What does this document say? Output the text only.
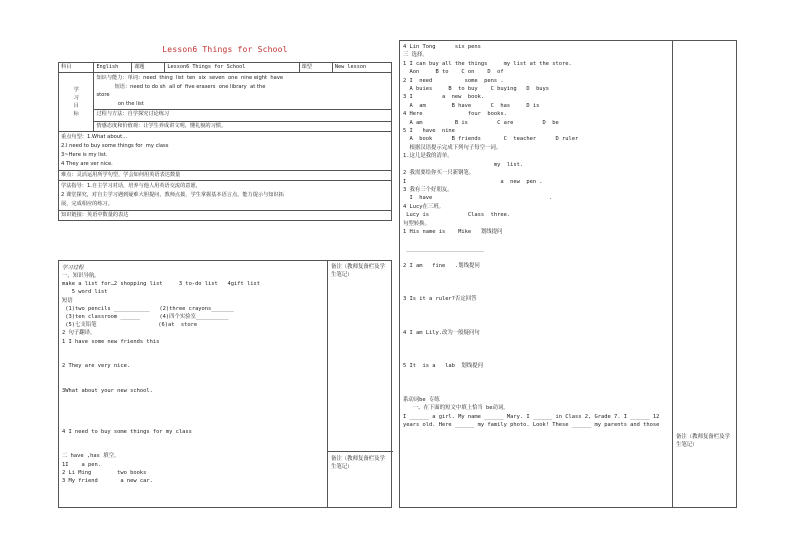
Lesson6 Things for School
科目	English	课题	Lesson6 Things for School	课型	New lesson
学
习
目
标	知识与能力：单词：need  thing  list  ten  six  seven  one  nine eight  have
短语：need to do sh  all of  five erasers  one library  at the
store
on the list				
	过程与方法：自学探究讨论练习				
	情感态度和价值观：让学生养成讲文明，懂礼貌的习惯。				
重点句型：1.What about…
2.I need to buy some things for  my class
3~Here is my list.
4 They are ver nice.					
难点：灵活运用所学句型，学会如何用英语表达数量					
学法指导：1.自主学习对话，培养与他人用英语交流的意愿，
2 课堂探究，对自主学习遇到疑难大胆提问，教师点拨，学生掌握基本语言点。能力提示与知识拓
展，完成相应的练习。					
知识链接：英语中数量的表达					
备注（教师复备栏及学生笔记）
备注（教师复备栏及学生笔记）
学习过程
一，知识导航。
make a list for…2 shopping list     3 to-do list   4gift list
5 word list
短语
(1)two pencils ___________   (2)three crayons_______
(3)ten classroom ______      (4)四个实验室__________
(5)七支铅笔                   (6)at  store
2 句子翻译。
1 I have some new friends this

2 They are very nice.

3What about your new school.

4 I need to buy some things for my class

二 have ,has 填空。
1I    a pen.
2 Li Ming        two books
3 My friend       a new car.
备注（教师复备栏及学生笔记）
4 Lin Tong      six pens
三 选择。
1 I can buy all the things     my list at the store.
Aon     B to    C on    D  of
2 I  need          some  pens .
A buies     B  to buy    C buying   D  buys
3 I         a  new  book.
A  am        B have      C  has     D is
4 Here              four  books.
A am          B is         C are         D  be
5 I   have  nine
A  book      B friends       C  teacher      D ruler
根据汉语提示完成下列句子每空一词。
1.这儿是我的清单。
my  list.
2 我需要给你买一只新钢笔。
I                             a  new  pen .
3 我有三个好朋友。
I  have                                    .
4 Lucy在三班。
Lucy is            Class  three.
句型转换。
1 His name is    Mike   划线提问

________________________

2 I am   fine   .划线提问

3 Is it a ruler?否定回答

4 I am Lily.改为一般疑问句

5 It  is a   lab  划线提问

系动词be 专练
一、在下面的短文中填上恰当 be动词。
I ______ a girl. My name ______ Mary. I ______ in Class 2, Grade 7. I ______ 12
years old. Here ______ my family photo. Look! These ______ my parents and those
